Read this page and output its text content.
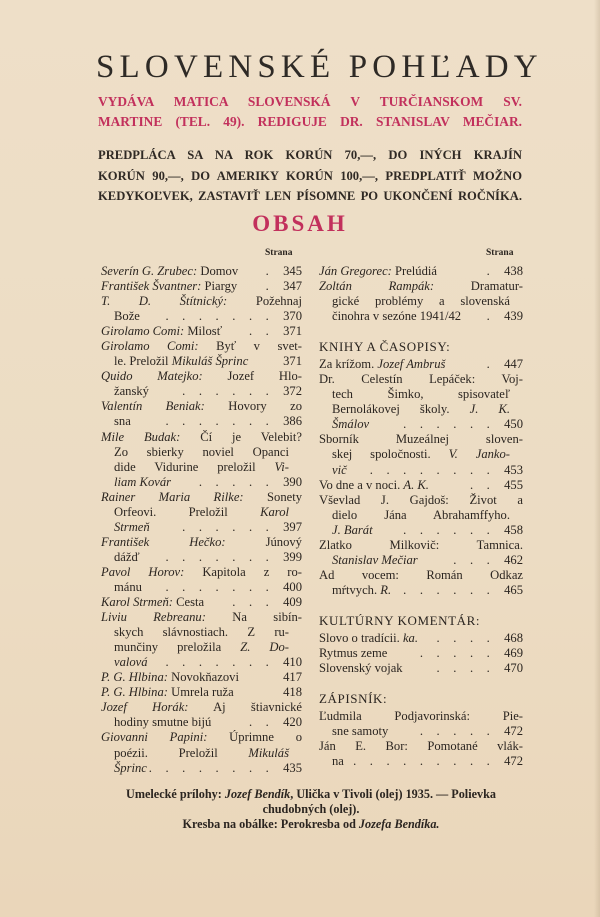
SLOVENSKÉ POHĽADY
VYDÁVA MATICA SLOVENSKÁ V TURČIANSKOM SV.
MARTINE (TEL. 49). REDIGUJE DR. STANISLAV MEČIAR.
PREDPLÁCA SA NA ROK KORÚN 70,—, DO INÝCH KRAJÍN
KORÚN 90,—, DO AMERIKY KORÚN 100,—, PREDPLATIŤ MOŽNO
KEDYKOĽVEK, ZASTAVIŤ LEN PÍSOMNE PO UKONČENÍ ROČNÍKA.
OBSAH
Strana	Strana
Severín G. Zrubec: Domov . 345
František Švantner: Piargy . 347
T. D. Štítnický: Požehnaj
Bože . . . . . . . 370
Girolamo Comi: Milosť . . 371
Girolamo Comi: Byť v svet-
le. Preložil Mikuláš Šprinc	371
Quido Matejko: Jozef Hlo-
žanský	. . . . . . 372
Valentín Beniak: Hovory zo
sna	. . . . . . . 386
Mile Budak: Čí je Velebit?
Zo sbierky noviel Opanci
dide Vidurine preložil Vi-
liam Kovár . . . . . 390
Rainer Maria Rilke: Sonety
Orfeovi. Preložil Karol
Strmeň	. . . . . . 397
František Hečko:	Júnový
dážď . . . . . . . 399
Pavol Horov: Kapitola z ro-
mánu . . . . . . . 400
Karol Strmeň: Cesta . . . 409
Liviu Rebreanu: Na sibín-
skych slávnostiach. Z ru-
munčiny preložila Z. Do-
valová . . . . . . . 410
P. G. Hlbina: Novokňazovi	417
P. G. Hlbina: Umrela ruža	418
Jozef Horák: Aj štiavnické
hodiny smutne bijú	. . 420
Giovanni Papini: Úprimne o
poézii. Preložil Mikuláš
Šprinc . . . . . . . . 435
Ján Gregorec: Prelúdiá	. 438
Zoltán Rampák:	Dramatur-
gické problémy a slovenská
činohra v sezóne 1941/42 . 439
KNIHY A ČASOPISY:
Za krížom. Jozef Ambruš	. 447
Dr. Celestín Lepáček: Voj-
tech Šimko, spisovateľ
Bernolákovej školy. J. K.
Šmálov	. . . . . . 450
Sborník Muzeálnej sloven-
skej spoločnosti. V. Janko-
vič . . . . . . . . 453
Vo dne a v noci. A. K.	. . 455
Vševlad J. Gajdoš: Život a
dielo Jána Abrahamffyho.
J. Barát . . . . . . 458
Zlatko Milkovič: Tamnica.
Stanislav Mečiar	. . . 462
Ad vocem: Román Odkaz
mŕtvych. R. . . . . . . 465
KULTÚRNY KOMENTÁR:
Slovo o tradícii. ka. . . . . 468
Rytmus zeme	. . . . . 469
Slovenský vojak	. . . . 470
ZÁPISNÍK:
Ľudmila Podjavorinská: Pie-
sne samoty	. . . . . 472
Ján E. Bor: Pomotané vlák-
na . . . . . . . . . 472
Umelecké prílohy: Jozef Bendík, Ulička v Tivoli (olej) 1935. — Polievka
chudobných (olej).
Kresba na obálke: Perokresba od Jozefa Bendíka.
